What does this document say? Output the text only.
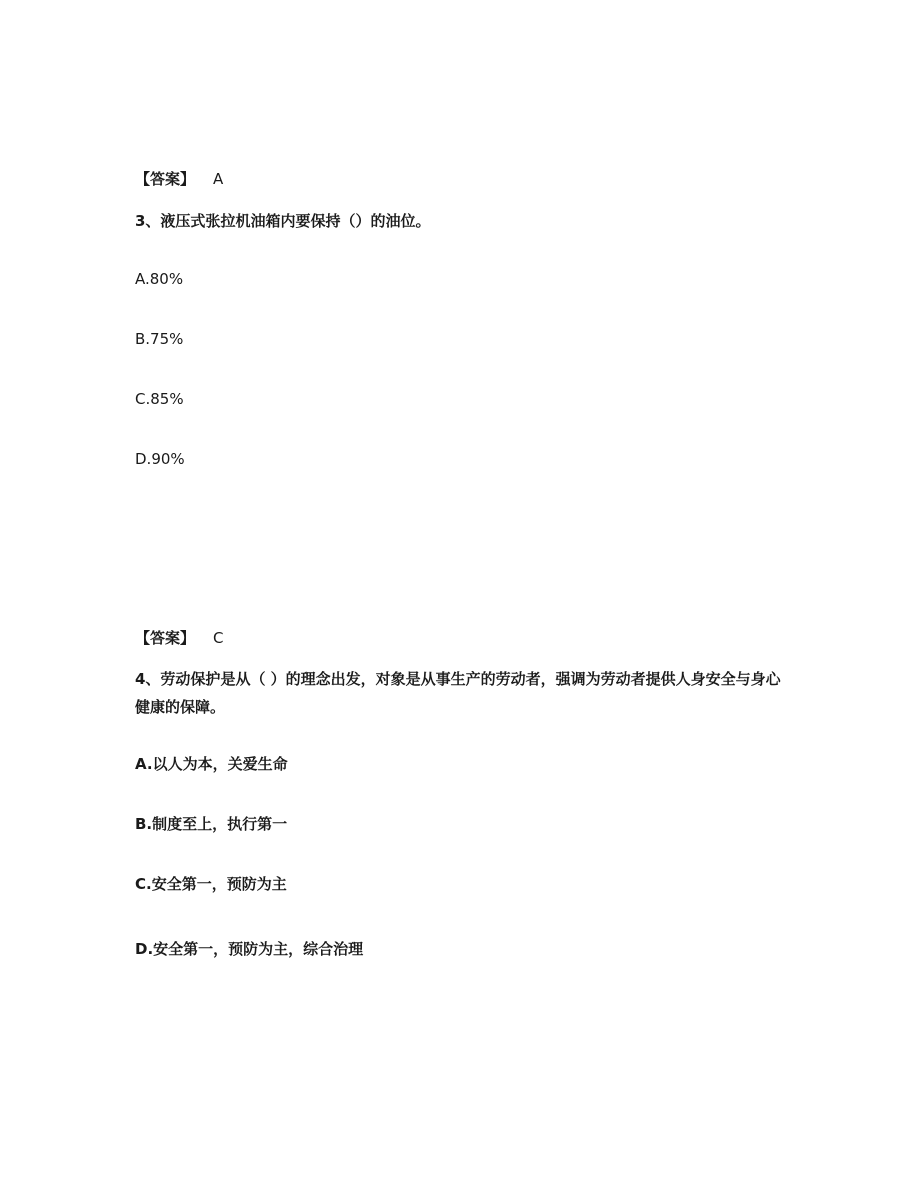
【答案】 A
3、液压式张拉机油箱内要保持（）的油位。
A.80%
B.75%
C.85%
D.90%
【答案】 C
4、劳动保护是从（ ）的理念出发，对象是从事生产的劳动者，强调为劳动者提供人身安全与身心健康的保障。
A.以人为本，关爱生命
B.制度至上，执行第一
C.安全第一，预防为主
D.安全第一，预防为主，综合治理
